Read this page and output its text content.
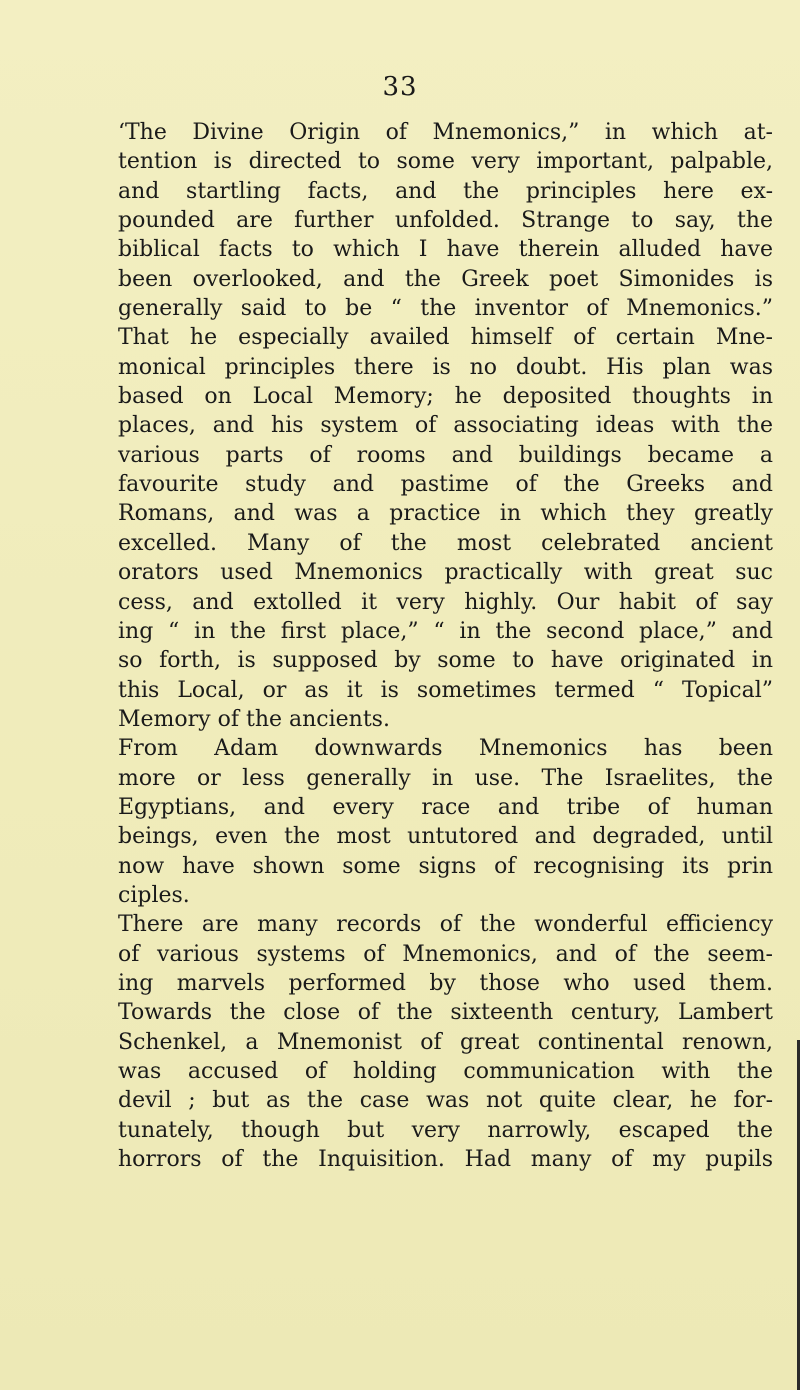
33
‘The Divine Origin of Mnemonics,” in which at-
tention is directed to some very important, palpable,
and startling facts, and the principles here ex-
pounded are further unfolded. Strange to say, the
biblical facts to which I have therein alluded have
been overlooked, and the Greek poet Simonides is
generally said to be “ the inventor of Mnemonics.”
That he especially availed himself of certain Mne-
monical principles there is no doubt. His plan was
based on Local Memory; he deposited thoughts in
places, and his system of associating ideas with the
various parts of rooms and buildings became a
favourite study and pastime of the Greeks and
Romans, and was a practice in which they greatly
excelled. Many of the most celebrated ancient
orators used Mnemonics practically with great suc
cess, and extolled it very highly. Our habit of say
ing “ in the first place,” “ in the second place,” and
so forth, is supposed by some to have originated in
this Local, or as it is sometimes termed “ Topical”
Memory of the ancients.
From Adam downwards Mnemonics has been
more or less generally in use. The Israelites, the
Egyptians, and every race and tribe of human
beings, even the most untutored and degraded, until
now have shown some signs of recognising its prin
ciples.
There are many records of the wonderful efficiency
of various systems of Mnemonics, and of the seem-
ing marvels performed by those who used them.
Towards the close of the sixteenth century, Lambert
Schenkel, a Mnemonist of great continental renown,
was accused of holding communication with the
devil ; but as the case was not quite clear, he for-
tunately, though but very narrowly, escaped the
horrors of the Inquisition. Had many of my pupils
